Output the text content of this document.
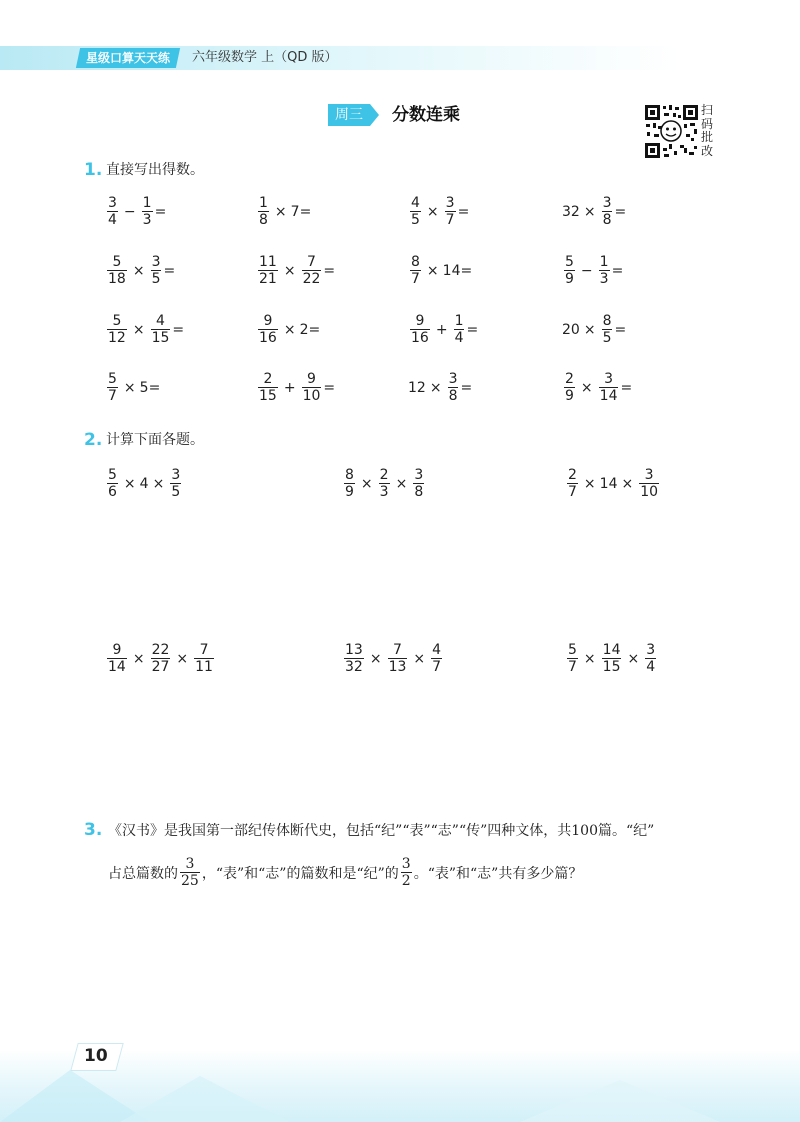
星级口算天天练	六年级数学 上（QD 版）
周三	分数连乘	扫码批改
1. 直接写出得数。
$\frac{3}{4} - \frac{1}{3}$ =	$\frac{1}{8} \times 7=$	$\frac{4}{5} \times \frac{3}{7}$ =	$32 \times \frac{3}{8}$ =
$\frac{5}{18} \times \frac{3}{5}$ =	$\frac{11}{21} \times \frac{7}{22}$ =	$\frac{8}{7} \times 14=$	$\frac{5}{9} - \frac{1}{3}$ =
$\frac{5}{12} \times \frac{4}{15}$ =	$\frac{9}{16} \times 2=$	$\frac{9}{16} + \frac{1}{4}$ =	$20 \times \frac{8}{5}$ =
$\frac{5}{7} \times 5=$	$\frac{2}{15} + \frac{9}{10}$ =	$12 \times \frac{3}{8}$ =	$\frac{2}{9} \times \frac{3}{14}$ =
2. 计算下面各题。
$\frac{5}{6} \times 4 \times \frac{3}{5}$	$\frac{8}{9} \times \frac{2}{3} \times \frac{3}{8}$	$\frac{2}{7} \times 14 \times \frac{3}{10}$
$\frac{9}{14} \times \frac{22}{27} \times \frac{7}{11}$	$\frac{13}{32} \times \frac{7}{13} \times \frac{4}{7}$	$\frac{5}{7} \times \frac{14}{15} \times \frac{3}{4}$
3. 《汉书》是我国第一部纪传体断代史，包括“纪”“表”“志”“传”四种文体，共100篇。“纪”
占总篇数的 $\frac{3}{25}$ ，“表”和“志”的篇数和是“纪”的 $\frac{3}{2}$ 。“表”和“志”共有多少篇？
10
